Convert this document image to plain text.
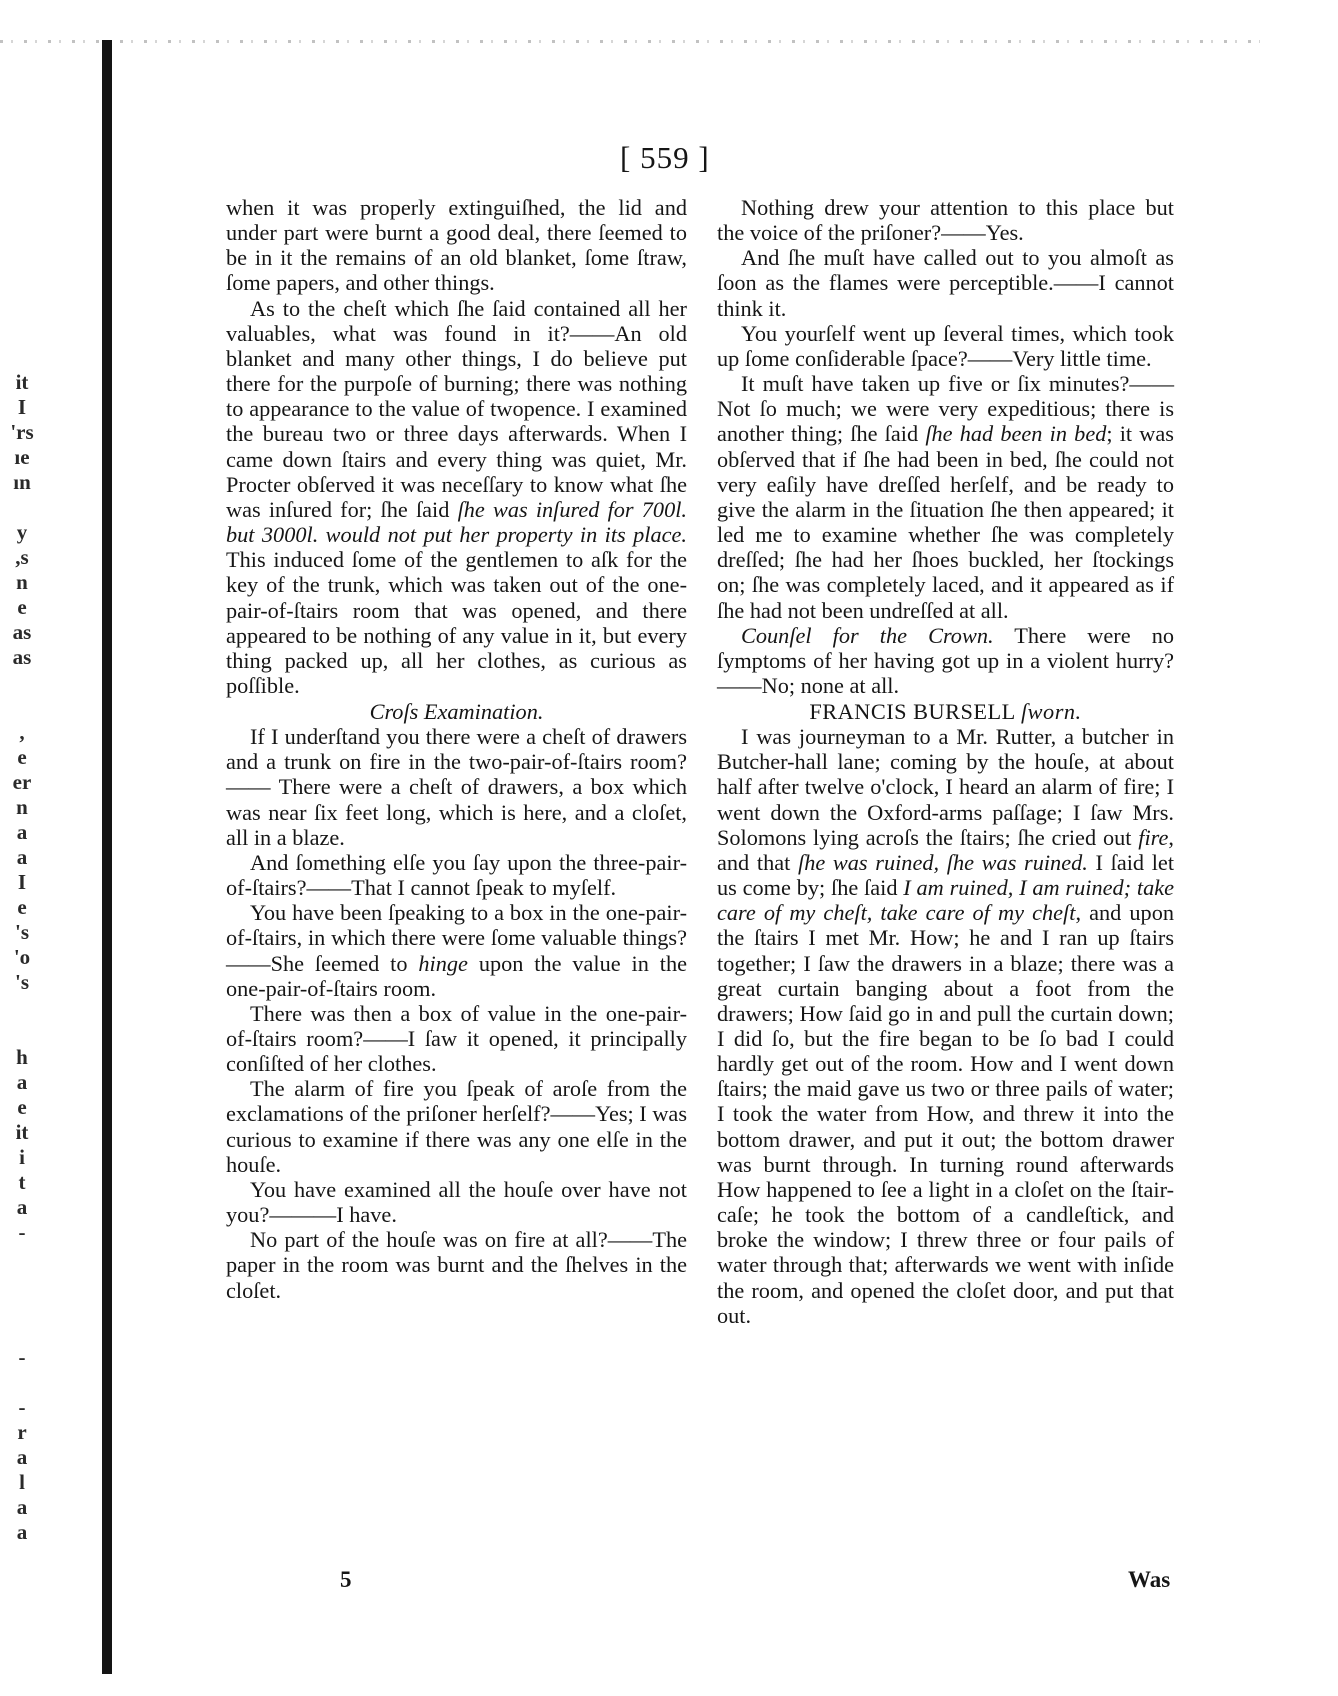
it
I
'rs
ıe
ın
y
,s
n
e
as
as
,
e
er
n
a
a
I
e
's
'o
's
h
a
e
it
i
t
a
-
-
-
r
a
l
a
a
[ 559 ]

when it was properly extinguiſhed, the lid and under part were burnt a good deal, there ſeemed to be in it the remains of an old blanket, ſome ſtraw, ſome papers, and other things.

As to the cheſt which ſhe ſaid contained all her valuables, what was found in it?——An old blanket and many other things, I do believe put there for the purpoſe of burning; there was nothing to appearance to the value of twopence. I examined the bureau two or three days afterwards. When I came down ſtairs and every thing was quiet, Mr. Procter obſerved it was neceſſary to know what ſhe was inſured for; ſhe ſaid ſhe was inſured for 700l. but 3000l. would not put her property in its place. This induced ſome of the gentlemen to aſk for the key of the trunk, which was taken out of the one-pair-of-ſtairs room that was opened, and there appeared to be nothing of any value in it, but every thing packed up, all her clothes, as curious as poſſible.

Croſs Examination.

If I underſtand you there were a cheſt of drawers and a trunk on fire in the two-pair-of-ſtairs room? —— There were a cheſt of drawers, a box which was near ſix feet long, which is here, and a cloſet, all in a blaze.

And ſomething elſe you ſay upon the three-pair-of-ſtairs?——That I cannot ſpeak to myſelf.

You have been ſpeaking to a box in the one-pair-of-ſtairs, in which there were ſome valuable things?——She ſeemed to hinge upon the value in the one-pair-of-ſtairs room.

There was then a box of value in the one-pair-of-ſtairs room?——I ſaw it opened, it principally conſiſted of her clothes.

The alarm of fire you ſpeak of aroſe from the exclamations of the priſoner herſelf?——Yes; I was curious to examine if there was any one elſe in the houſe.

You have examined all the houſe over have not you?———I have.

No part of the houſe was on fire at all?——The paper in the room was burnt and the ſhelves in the cloſet.

Nothing drew your attention to this place but the voice of the priſoner?——Yes.

And ſhe muſt have called out to you almoſt as ſoon as the flames were perceptible.——I cannot think it.

You yourſelf went up ſeveral times, which took up ſome conſiderable ſpace?——Very little time.

It muſt have taken up five or ſix minutes?——Not ſo much; we were very expeditious; there is another thing; ſhe ſaid ſhe had been in bed; it was obſerved that if ſhe had been in bed, ſhe could not very eaſily have dreſſed herſelf, and be ready to give the alarm in the ſituation ſhe then appeared; it led me to examine whether ſhe was completely dreſſed; ſhe had her ſhoes buckled, her ſtockings on; ſhe was completely laced, and it appeared as if ſhe had not been undreſſed at all.

Counſel for the Crown. There were no ſymptoms of her having got up in a violent hurry?——No; none at all.

FRANCIS BURSELL ſworn.

I was journeyman to a Mr. Rutter, a butcher in Butcher-hall lane; coming by the houſe, at about half after twelve o'clock, I heard an alarm of fire; I went down the Oxford-arms paſſage; I ſaw Mrs. Solomons lying acroſs the ſtairs; ſhe cried out fire, and that ſhe was ruined, ſhe was ruined. I ſaid let us come by; ſhe ſaid I am ruined, I am ruined; take care of my cheſt, take care of my cheſt, and upon the ſtairs I met Mr. How; he and I ran up ſtairs together; I ſaw the drawers in a blaze; there was a great curtain banging about a foot from the drawers; How ſaid go in and pull the curtain down; I did ſo, but the fire began to be ſo bad I could hardly get out of the room. How and I went down ſtairs; the maid gave us two or three pails of water; I took the water from How, and threw it into the bottom drawer, and put it out; the bottom drawer was burnt through. In turning round afterwards How happened to ſee a light in a cloſet on the ſtair-caſe; he took the bottom of a candleſtick, and broke the window; I threw three or four pails of water through that; afterwards we went with inſide the room, and opened the cloſet door, and put that out.

5	Was
